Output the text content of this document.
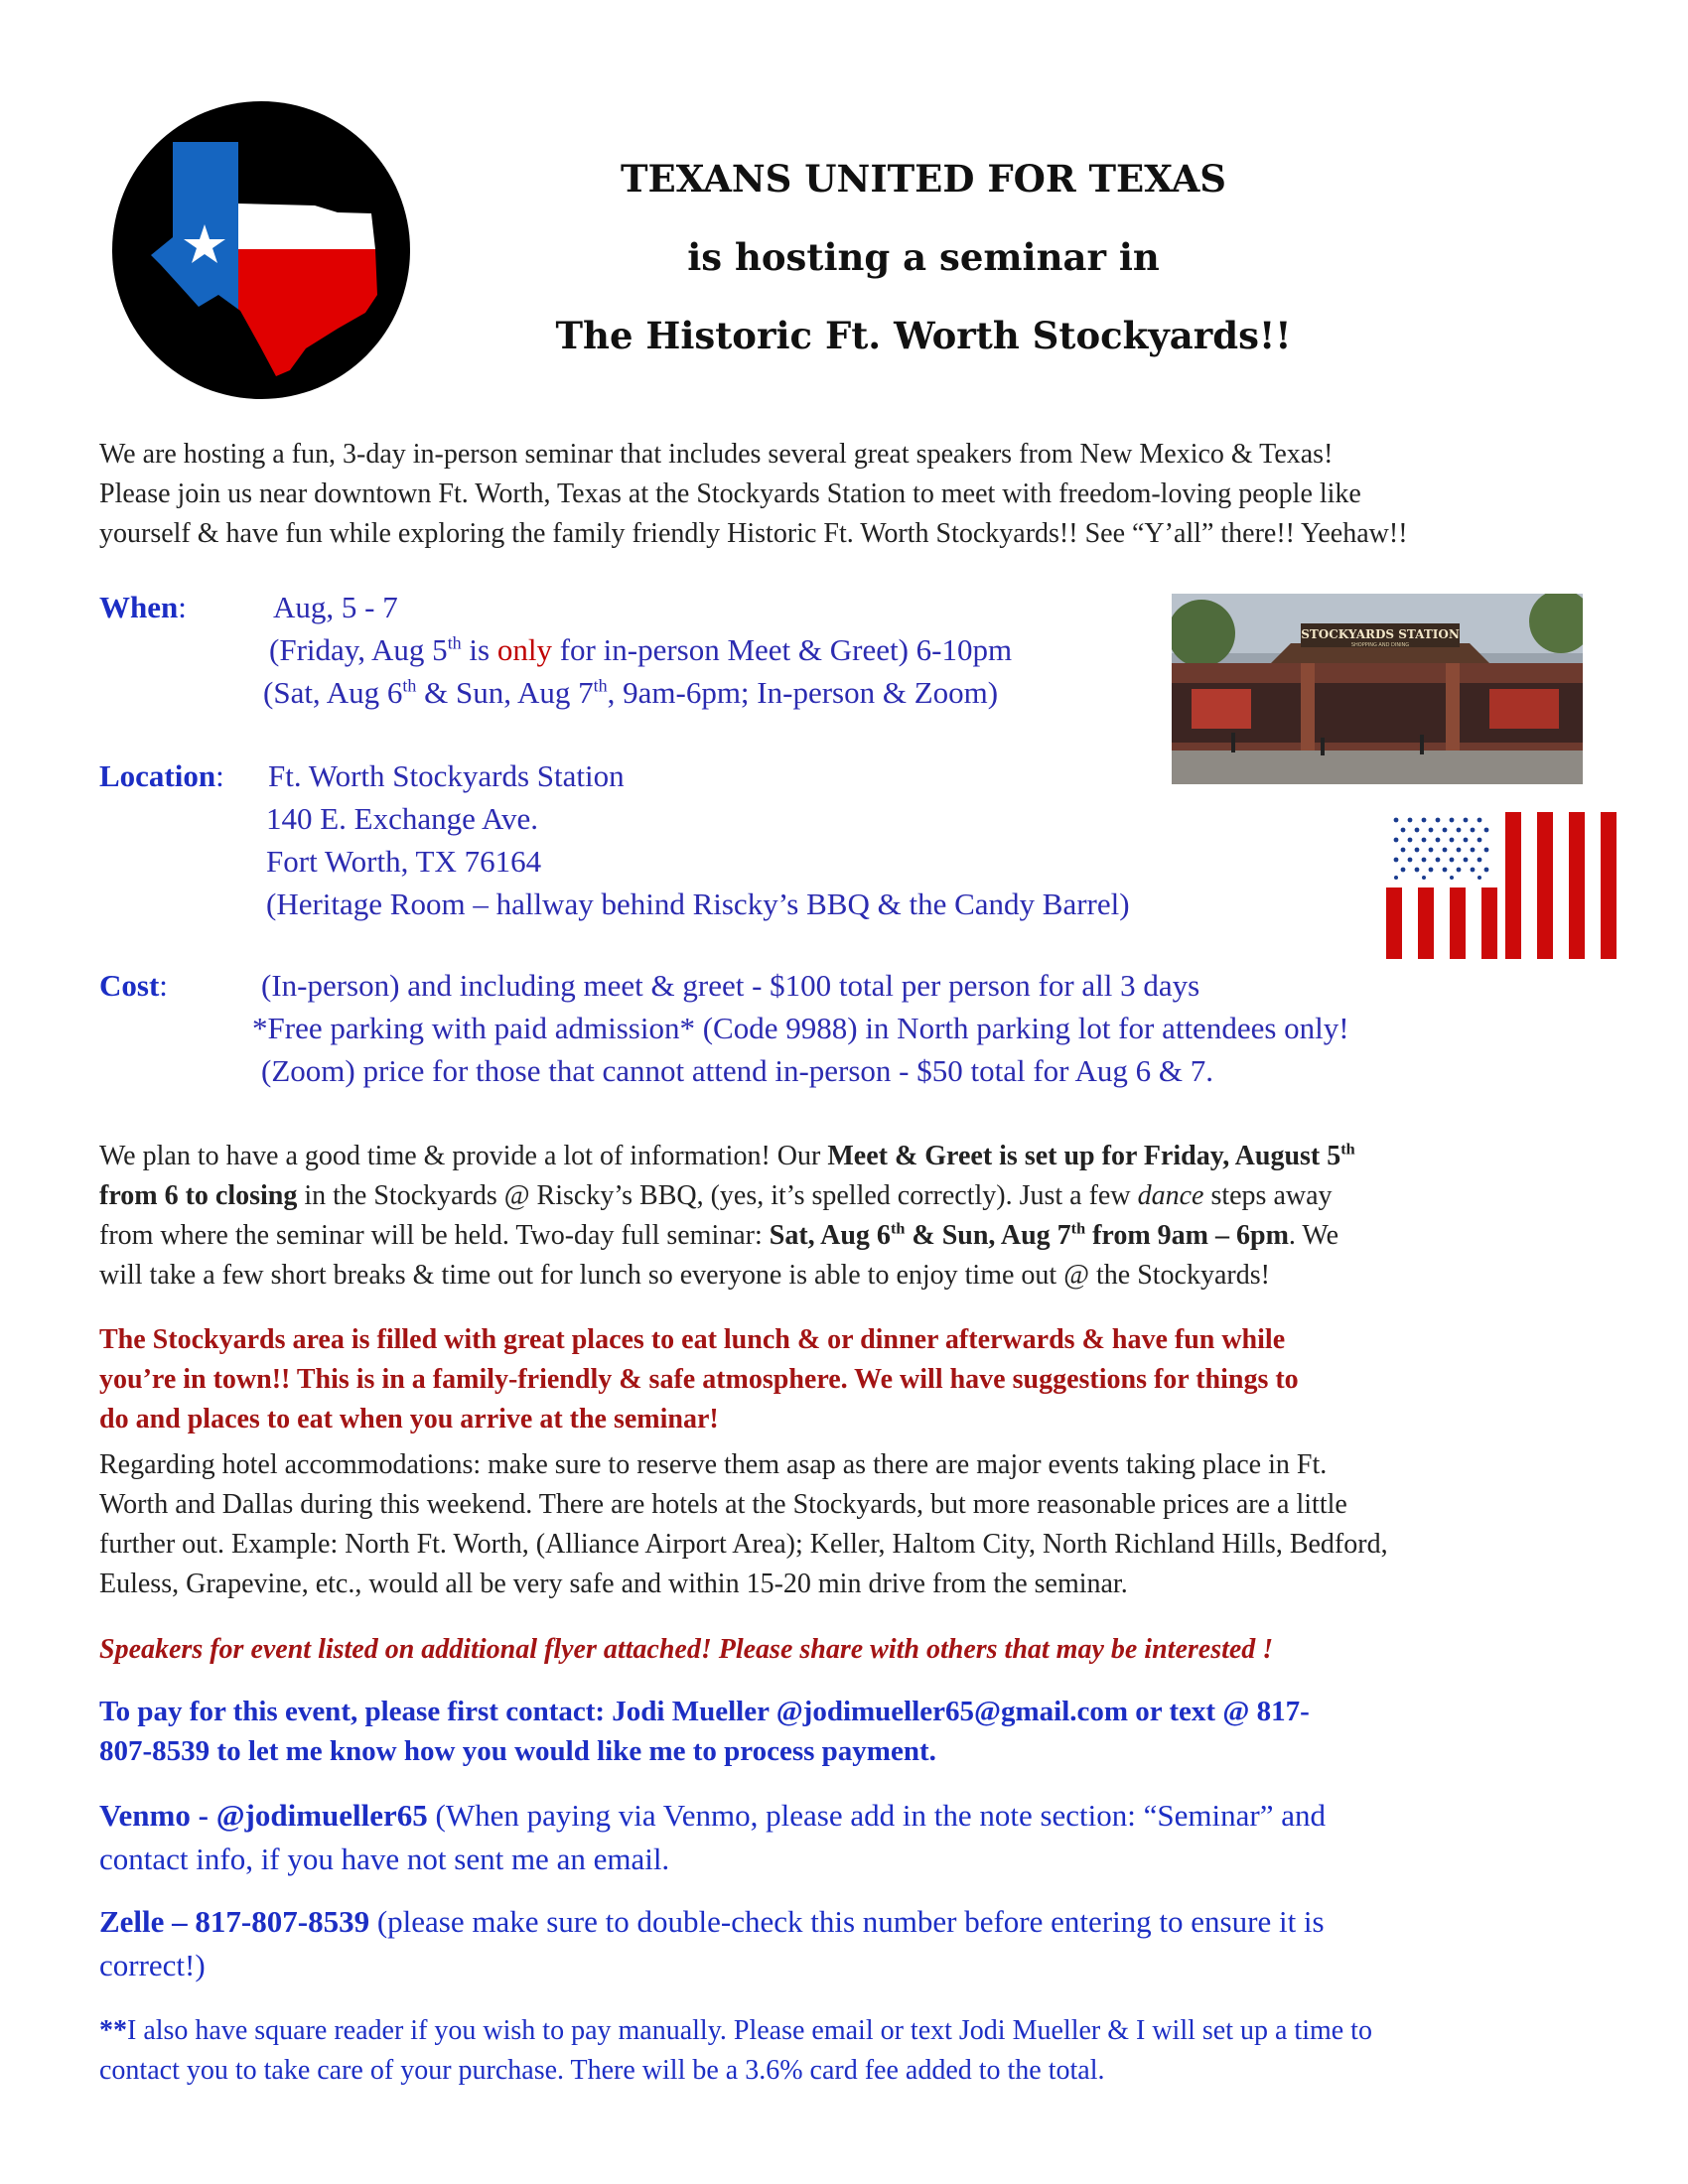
TEXANS UNITED FOR TEXAS
is hosting a seminar in
The Historic Ft. Worth Stockyards!!
We are hosting a fun, 3-day in-person seminar that includes several great speakers from New Mexico & Texas!
Please join us near downtown Ft. Worth, Texas at the Stockyards Station to meet with freedom-loving people like
yourself & have fun while exploring the family friendly Historic Ft. Worth Stockyards!! See “Y’all” there!! Yeehaw!!
When:	Aug, 5 - 7
(Friday, Aug 5th is only for in-person Meet & Greet) 6-10pm
(Sat, Aug 6th & Sun, Aug 7th, 9am-6pm; In-person & Zoom)
STOCKYARDS STATION
SHOPPING AND DINING
Location: Ft. Worth Stockyards Station
140 E. Exchange Ave.
Fort Worth, TX 76164
(Heritage Room – hallway behind Riscky’s BBQ & the Candy Barrel)
Cost:	(In-person) and including meet & greet - $100 total per person for all 3 days
*Free parking with paid admission* (Code 9988) in North parking lot for attendees only!
(Zoom) price for those that cannot attend in-person - $50 total for Aug 6 & 7.
We plan to have a good time & provide a lot of information! Our Meet & Greet is set up for Friday, August 5th
from 6 to closing in the Stockyards @ Riscky’s BBQ, (yes, it’s spelled correctly). Just a few dance steps away
from where the seminar will be held. Two-day full seminar: Sat, Aug 6th & Sun, Aug 7th from 9am – 6pm. We
will take a few short breaks & time out for lunch so everyone is able to enjoy time out @ the Stockyards!
The Stockyards area is filled with great places to eat lunch & or dinner afterwards & have fun while
you’re in town!! This is in a family-friendly & safe atmosphere. We will have suggestions for things to
do and places to eat when you arrive at the seminar!
Regarding hotel accommodations: make sure to reserve them asap as there are major events taking place in Ft.
Worth and Dallas during this weekend. There are hotels at the Stockyards, but more reasonable prices are a little
further out. Example: North Ft. Worth, (Alliance Airport Area); Keller, Haltom City, North Richland Hills, Bedford,
Euless, Grapevine, etc., would all be very safe and within 15-20 min drive from the seminar.
Speakers for event listed on additional flyer attached! Please share with others that may be interested !
To pay for this event, please first contact: Jodi Mueller @jodimueller65@gmail.com or text @ 817-
807-8539 to let me know how you would like me to process payment.
Venmo - @jodimueller65 (When paying via Venmo, please add in the note section: “Seminar” and
contact info, if you have not sent me an email.
Zelle – 817-807-8539 (please make sure to double-check this number before entering to ensure it is
correct!)
**I also have square reader if you wish to pay manually. Please email or text Jodi Mueller & I will set up a time to
contact you to take care of your purchase. There will be a 3.6% card fee added to the total.
